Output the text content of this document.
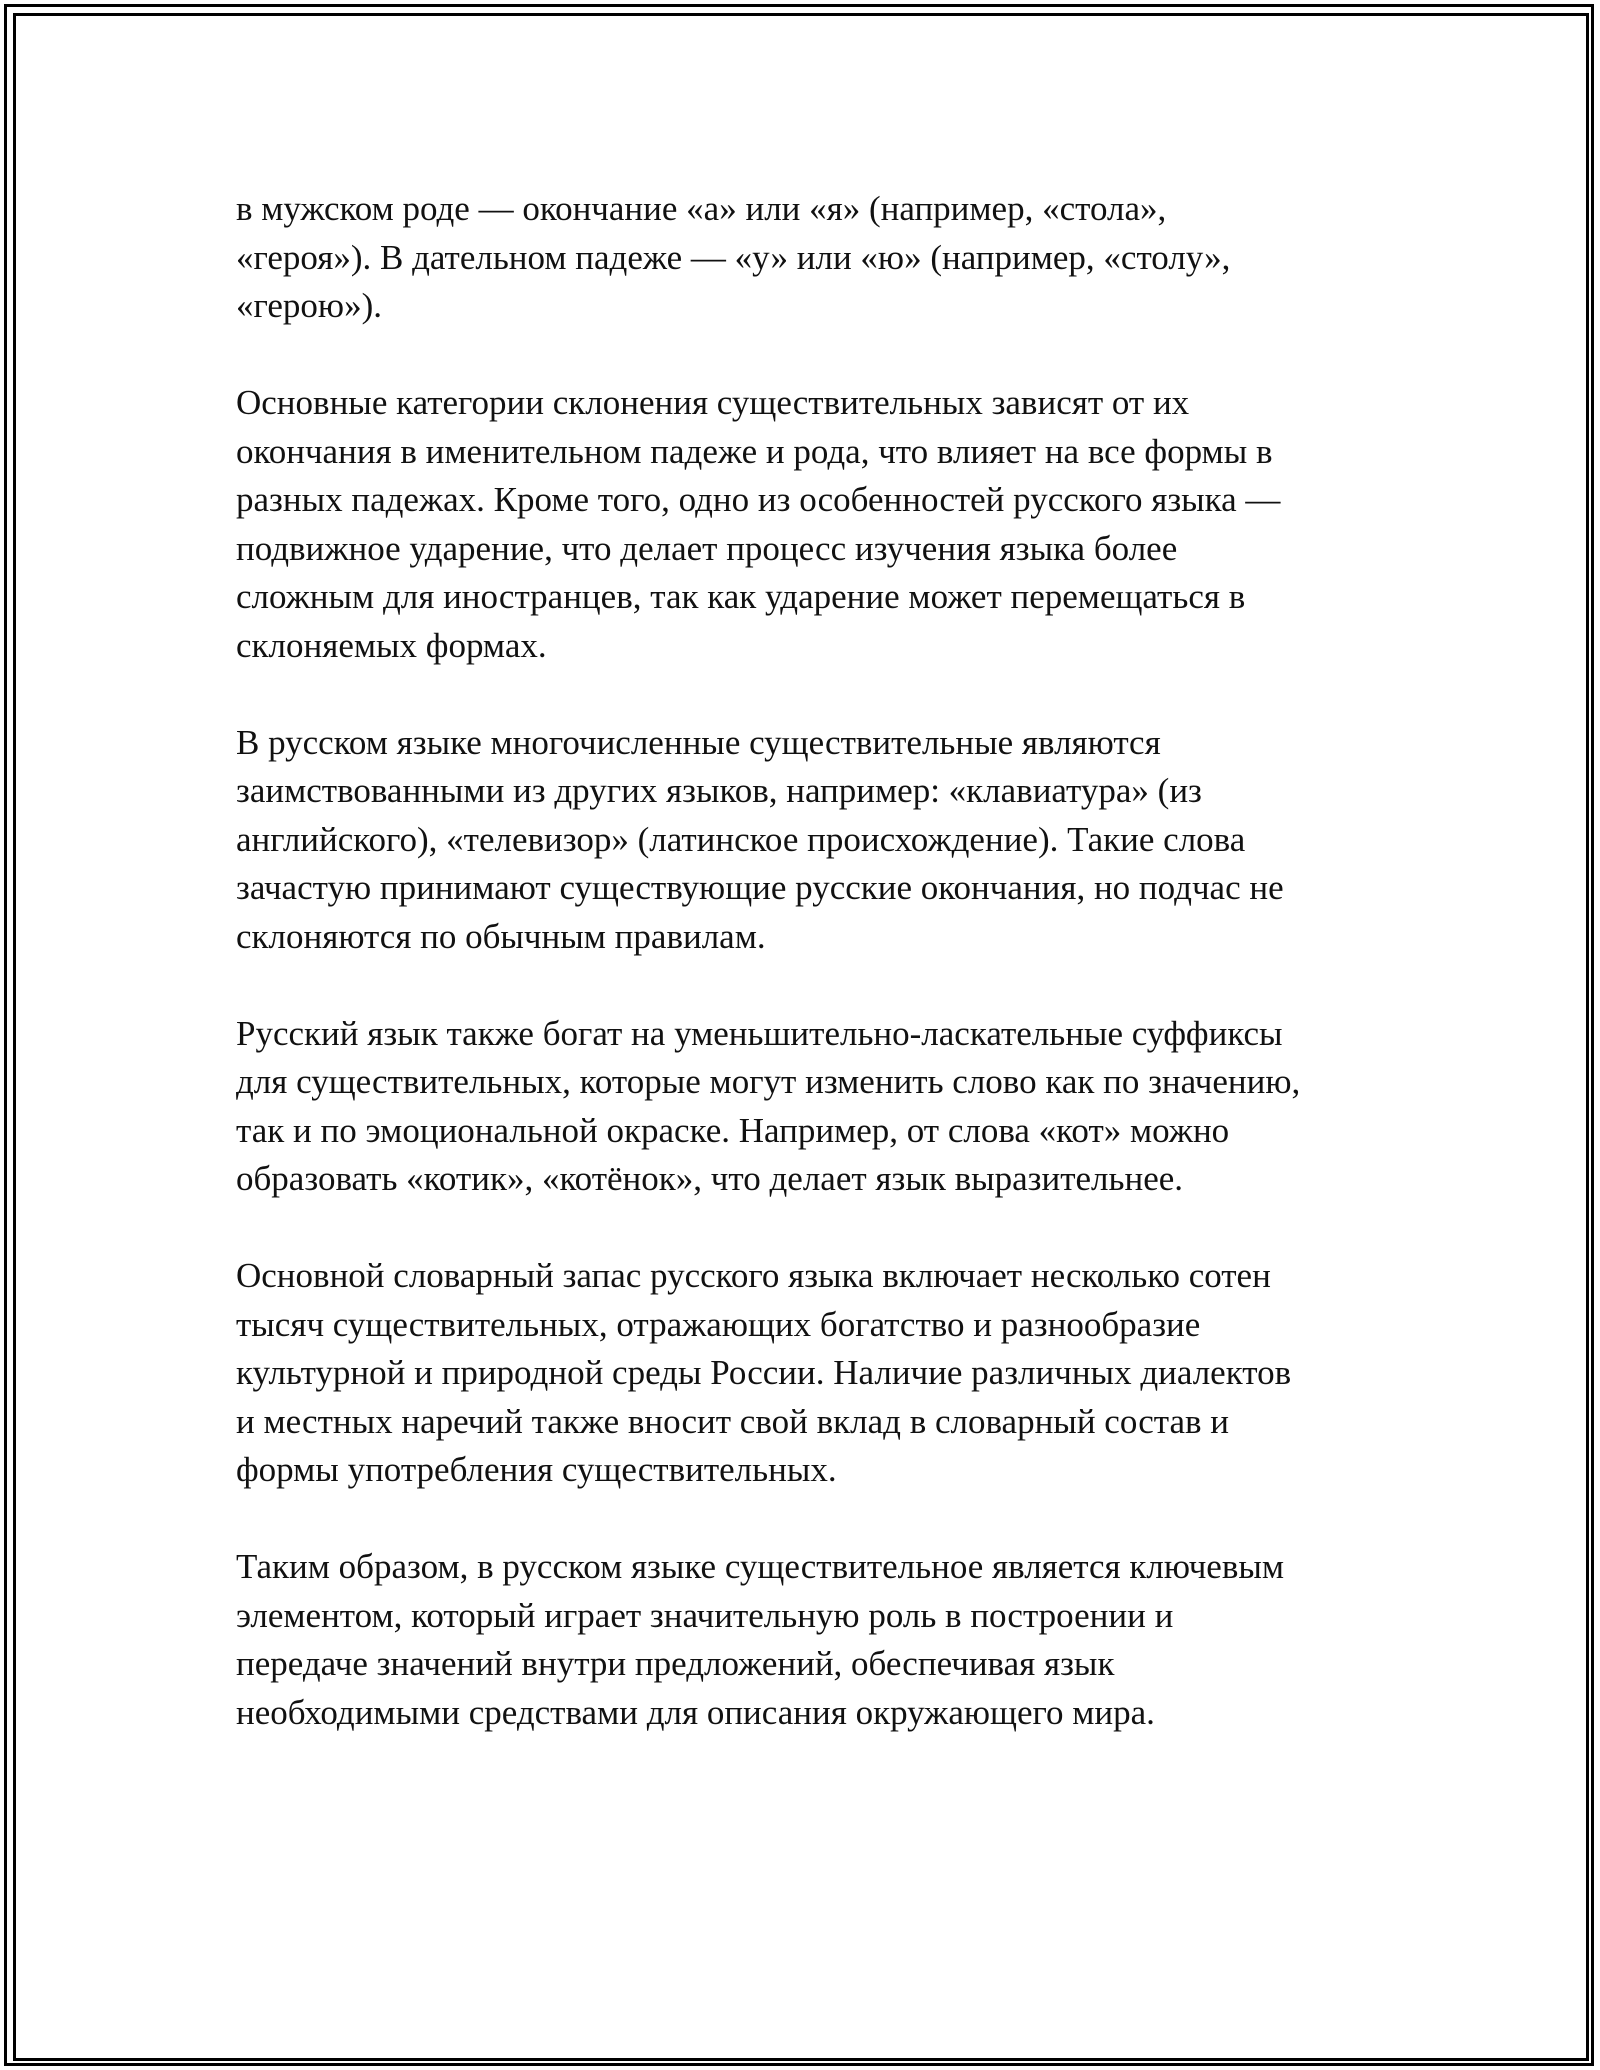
в мужском роде — окончание «а» или «я» (например, «стола»,
«героя»). В дательном падеже — «у» или «ю» (например, «столу»,
«герою»).

Основные категории склонения существительных зависят от их
окончания в именительном падеже и рода, что влияет на все формы в
разных падежах. Кроме того, одно из особенностей русского языка —
подвижное ударение, что делает процесс изучения языка более
сложным для иностранцев, так как ударение может перемещаться в
склоняемых формах.

В русском языке многочисленные существительные являются
заимствованными из других языков, например: «клавиатура» (из
английского), «телевизор» (латинское происхождение). Такие слова
зачастую принимают существующие русские окончания, но подчас не
склоняются по обычным правилам.

Русский язык также богат на уменьшительно-ласкательные суффиксы
для существительных, которые могут изменить слово как по значению,
так и по эмоциональной окраске. Например, от слова «кот» можно
образовать «котик», «котёнок», что делает язык выразительнее.

Основной словарный запас русского языка включает несколько сотен
тысяч существительных, отражающих богатство и разнообразие
культурной и природной среды России. Наличие различных диалектов
и местных наречий также вносит свой вклад в словарный состав и
формы употребления существительных.

Таким образом, в русском языке существительное является ключевым
элементом, который играет значительную роль в построении и
передаче значений внутри предложений, обеспечивая язык
необходимыми средствами для описания окружающего мира.
